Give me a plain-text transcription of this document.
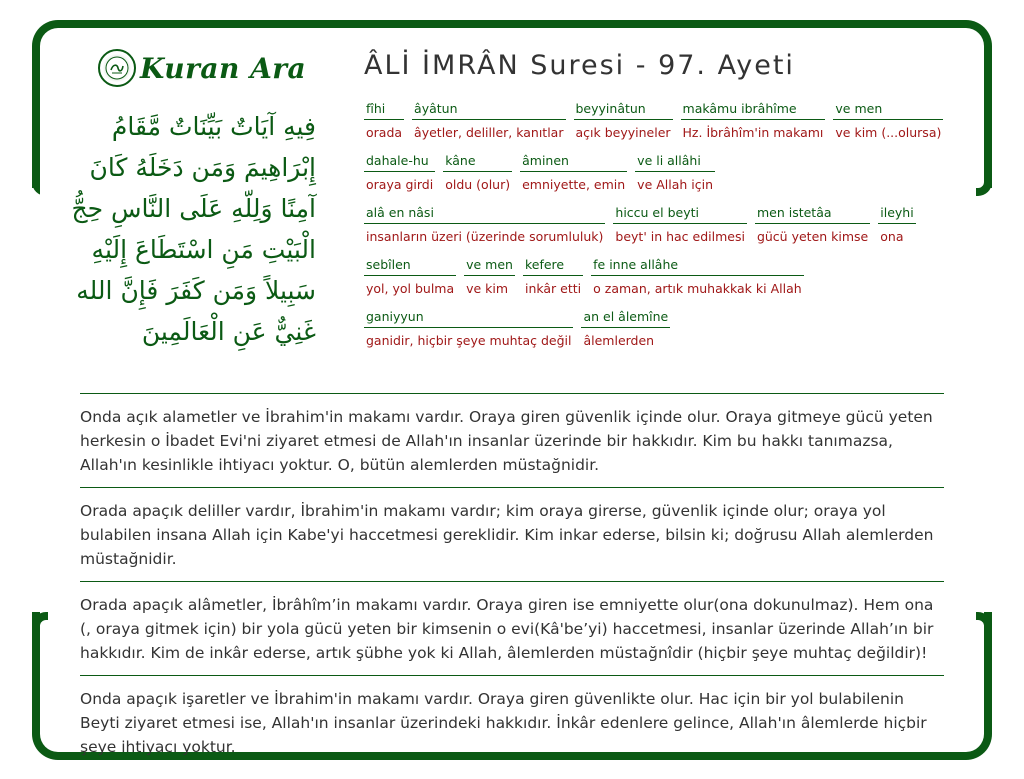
Kuran Ara
فِيهِ آيَاتٌ بَيِّنَاتٌ مَّقَامُ
إِبْرَاهِيمَ وَمَن دَخَلَهُ كَانَ
آمِنًا وَلِلّهِ عَلَى النَّاسِ حِجُّ
الْبَيْتِ مَنِ اسْتَطَاعَ إِلَيْهِ
سَبِيلاً وَمَن كَفَرَ فَإِنَّ الله
غَنِيٌّ عَنِ الْعَالَمِينَ
ÂLİ İMRÂN Suresi - 97. Ayeti
fîhi
orada
âyâtun
âyetler, deliller, kanıtlar
beyyinâtun
açık beyyineler
makâmu ibrâhîme
Hz. İbrâhîm'in makamı
ve men
ve kim (...olursa)
dahale-hu
oraya girdi
kâne
oldu (olur)
âminen
emniyette, emin
ve li allâhi
ve Allah için
alâ en nâsi
insanların üzeri (üzerinde sorumluluk)
hiccu el beyti
beyt' in hac edilmesi
men istetâa
gücü yeten kimse
ileyhi
ona
sebîlen
yol, yol bulma
ve men
ve kim
kefere
inkâr etti
fe inne allâhe
o zaman, artık muhakkak ki Allah
ganiyyun
ganidir, hiçbir şeye muhtaç değil
an el âlemîne
âlemlerden
Onda açık alametler ve İbrahim'in makamı vardır. Oraya giren güvenlik içinde olur. Oraya gitmeye gücü yeten herkesin o İbadet Evi'ni ziyaret etmesi de Allah'ın insanlar üzerinde bir hakkıdır. Kim bu hakkı tanımazsa, Allah'ın kesinlikle ihtiyacı yoktur. O, bütün alemlerden müstağnidir.
Orada apaçık deliller vardır, İbrahim'in makamı vardır; kim oraya girerse, güvenlik içinde olur; oraya yol bulabilen insana Allah için Kabe'yi haccetmesi gereklidir. Kim inkar ederse, bilsin ki; doğrusu Allah alemlerden müstağnidir.
Orada apaçık alâmetler, İbrâhîm’in makamı vardır. Oraya giren ise emniyette olur(ona dokunulmaz). Hem ona (, oraya gitmek için) bir yola gücü yeten bir kimsenin o evi(Kâ'be’yi) haccetmesi, insanlar üzerinde Allah’ın bir hakkıdır. Kim de inkâr ederse, artık şübhe yok ki Allah, âlemlerden müstağnîdir (hiçbir şeye muhtaç değildir)!
Onda apaçık işaretler ve İbrahim'in makamı vardır. Oraya giren güvenlikte olur. Hac için bir yol bulabilenin Beyti ziyaret etmesi ise, Allah'ın insanlar üzerindeki hakkıdır. İnkâr edenlere gelince, Allah'ın âlemlerde hiçbir şeye ihtiyacı yoktur.
